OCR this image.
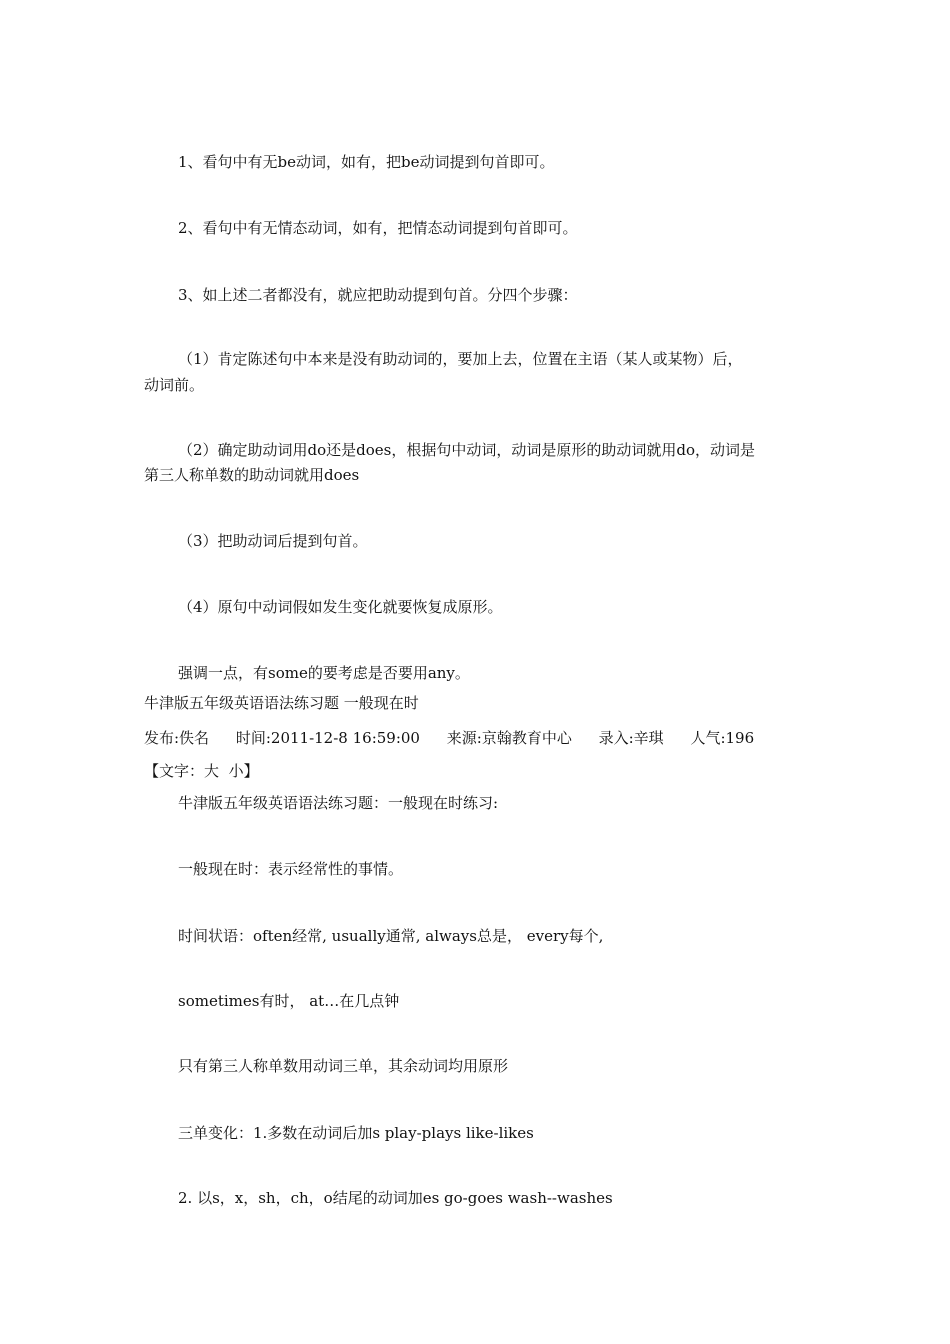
1、看句中有无be动词，如有，把be动词提到句首即可。
2、看句中有无情态动词，如有，把情态动词提到句首即可。
3、如上述二者都没有，就应把助动提到句首。分四个步骤：
（1）肯定陈述句中本来是没有助动词的，要加上去，位置在主语（某人或某物）后，
动词前。
（2）确定助动词用do还是does，根据句中动词，动词是原形的助动词就用do，动词是
第三人称单数的助动词就用does
（3）把助动词后提到句首。
（4）原句中动词假如发生变化就要恢复成原形。
强调一点，有some的要考虑是否要用any。
牛津版五年级英语语法练习题 一般现在时
发布:佚名 时间:2011-12-8 16:59:00 来源:京翰教育中心 录入:辛琪 人气:196
【文字：大 小】
牛津版五年级英语语法练习题：一般现在时练习:
一般现在时：表示经常性的事情。
时间状语：often经常, usually通常, always总是， every每个,
sometimes有时， at…在几点钟
只有第三人称单数用动词三单，其余动词均用原形
三单变化：1.多数在动词后加s play-plays like-likes
2. 以s，x，sh，ch，o结尾的动词加es go-goes wash--washes
